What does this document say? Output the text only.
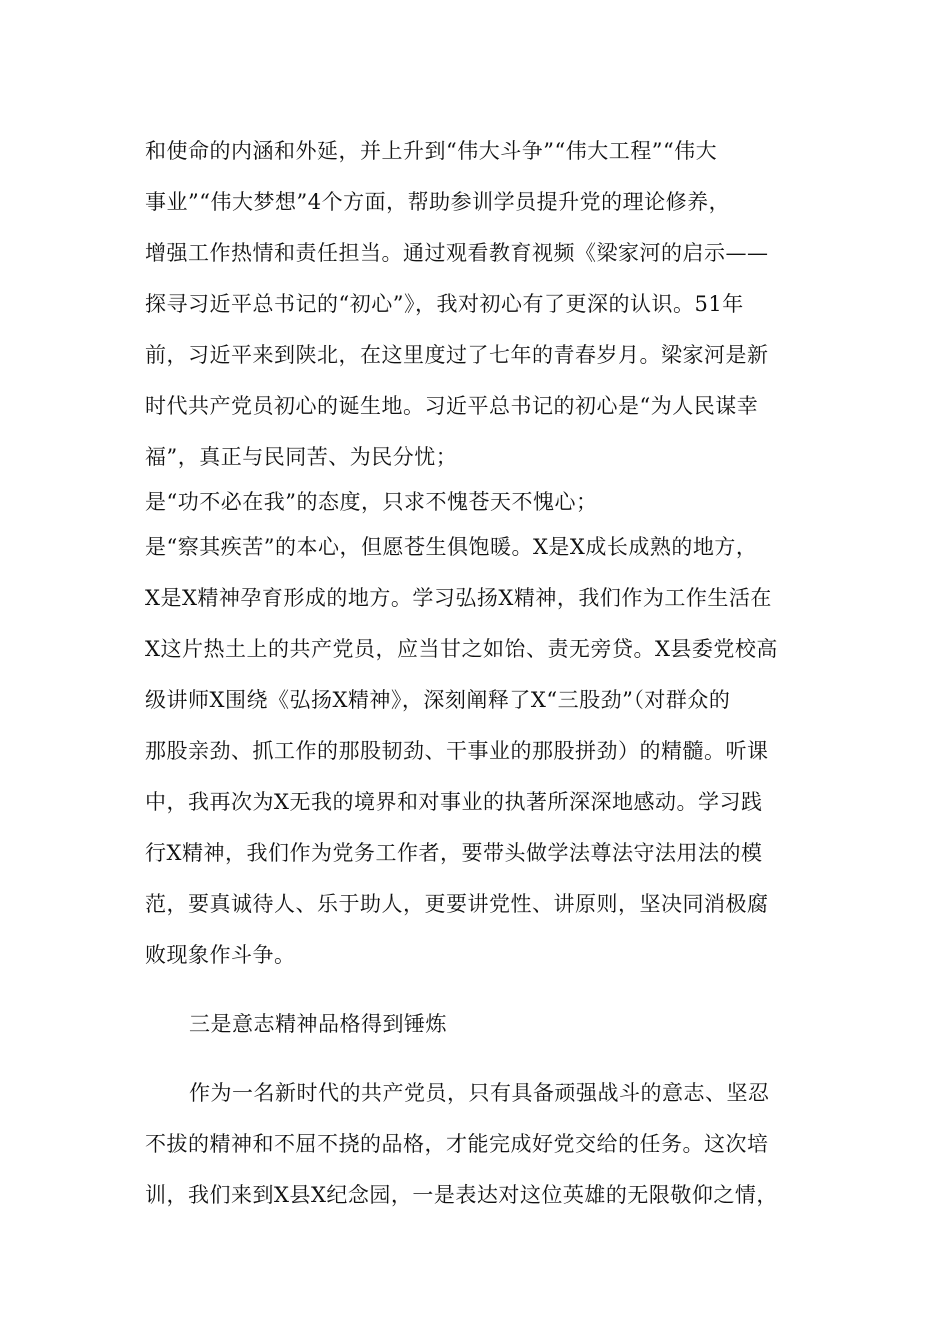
和使命的内涵和外延，并上升到“伟大斗争”“伟大工程”“伟大
事业”“伟大梦想”4个方面，帮助参训学员提升党的理论修养，
增强工作热情和责任担当。通过观看教育视频《梁家河的启示——
探寻习近平总书记的“初心”》，我对初心有了更深的认识。51年
前，习近平来到陕北，在这里度过了七年的青春岁月。梁家河是新
时代共产党员初心的诞生地。习近平总书记的初心是“为人民谋幸
福”，真正与民同苦、为民分忧；
是“功不必在我”的态度，只求不愧苍天不愧心；
是“察其疾苦”的本心，但愿苍生俱饱暖。X是X成长成熟的地方，
X是X精神孕育形成的地方。学习弘扬X精神，我们作为工作生活在
X这片热土上的共产党员，应当甘之如饴、责无旁贷。X县委党校高
级讲师X围绕《弘扬X精神》，深刻阐释了X“三股劲”（对群众的
那股亲劲、抓工作的那股韧劲、干事业的那股拼劲）的精髓。听课
中，我再次为X无我的境界和对事业的执著所深深地感动。学习践
行X精神，我们作为党务工作者，要带头做学法尊法守法用法的模
范，要真诚待人、乐于助人，更要讲党性、讲原则，坚决同消极腐
败现象作斗争。
三是意志精神品格得到锤炼
作为一名新时代的共产党员，只有具备顽强战斗的意志、坚忍
不拔的精神和不屈不挠的品格，才能完成好党交给的任务。这次培
训，我们来到X县X纪念园，一是表达对这位英雄的无限敬仰之情，
